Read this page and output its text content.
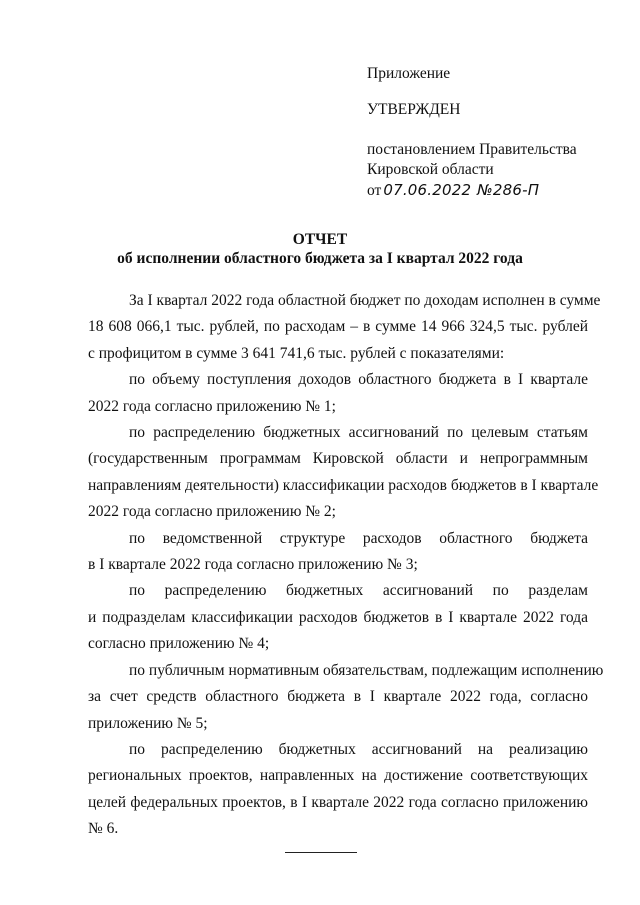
Приложение
УТВЕРЖДЕН
постановлением Правительства
Кировской области
от 07.06.2022 №286-П
ОТЧЕТ
об исполнении областного бюджета за I квартал 2022 года
За I квартал 2022 года областной бюджет по доходам исполнен в сумме
18 608 066,1 тыс. рублей, по расходам – в сумме 14 966 324,5 тыс. рублей
с профицитом в сумме 3 641 741,6 тыс. рублей с показателями:
по объему поступления доходов областного бюджета в I квартале
2022 года согласно приложению № 1;
по распределению бюджетных ассигнований по целевым статьям
(государственным программам Кировской области и непрограммным
направлениям деятельности) классификации расходов бюджетов в I квартале
2022 года согласно приложению № 2;
по ведомственной структуре расходов областного бюджета
в I квартале 2022 года согласно приложению № 3;
по распределению бюджетных ассигнований по разделам
и подразделам классификации расходов бюджетов в I квартале 2022 года
согласно приложению № 4;
по публичным нормативным обязательствам, подлежащим исполнению
за счет средств областного бюджета в I квартале 2022 года, согласно
приложению № 5;
по распределению бюджетных ассигнований на реализацию
региональных проектов, направленных на достижение соответствующих
целей федеральных проектов, в I квартале 2022 года согласно приложению
№ 6.
